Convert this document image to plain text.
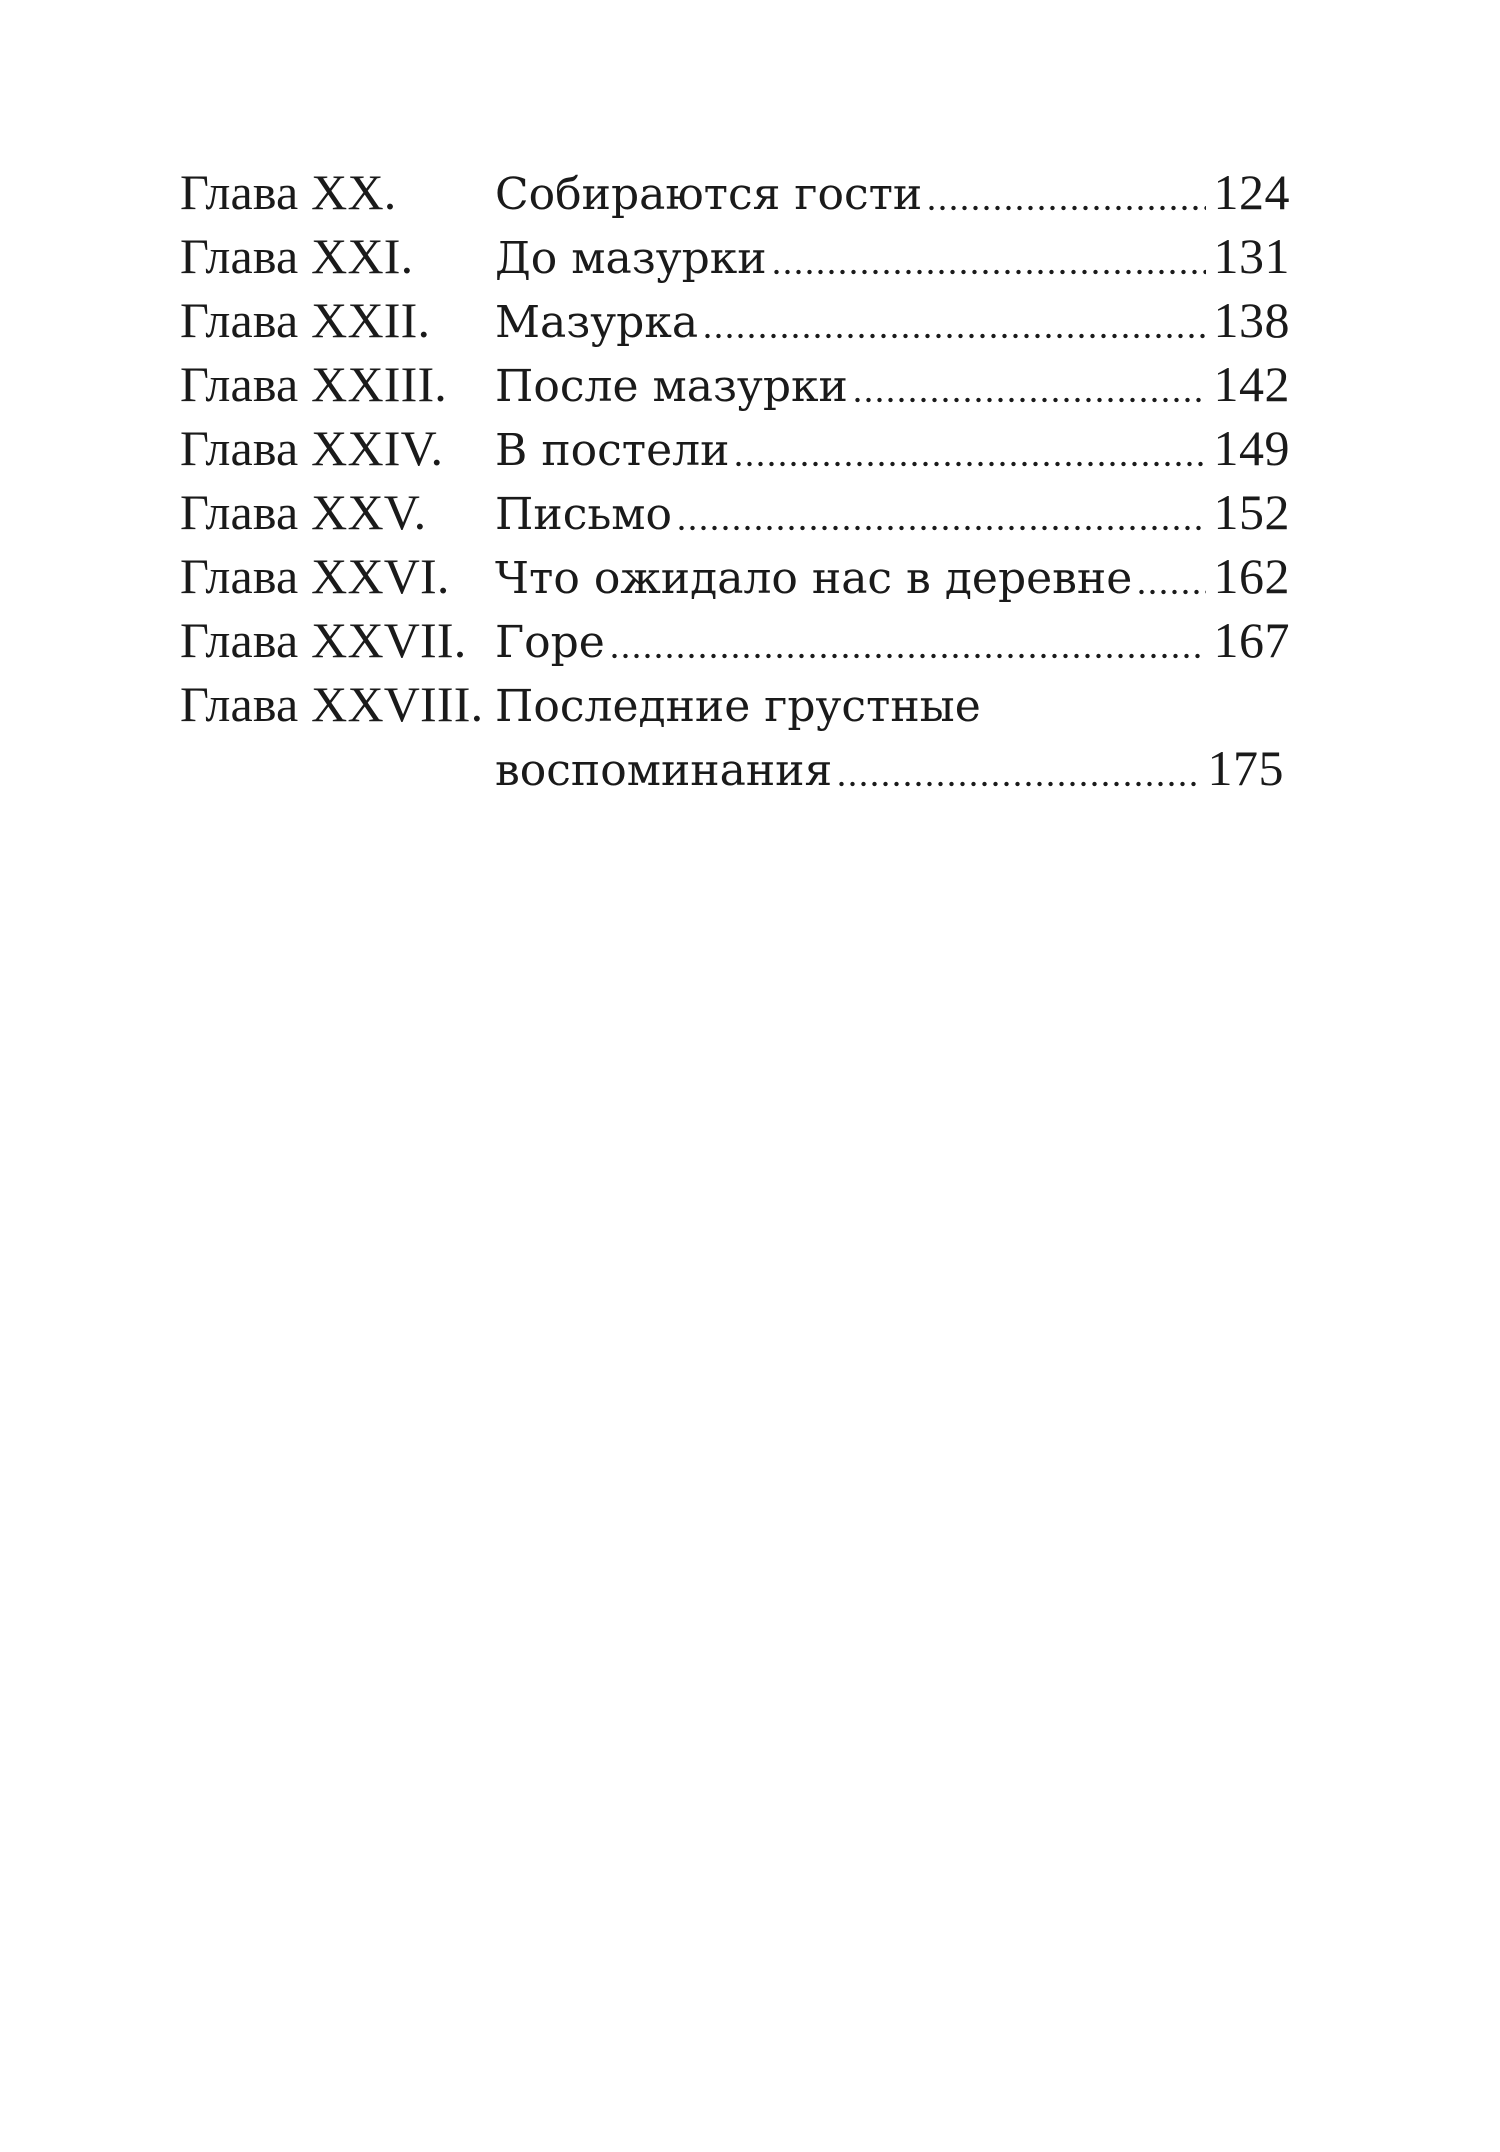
Глава XX.	Собираются гости	124
Глава XXI.	До мазурки	131
Глава XXII.	Мазурка	138
Глава XXIII.	После мазурки	142
Глава XXIV.	В постели	149
Глава XXV.	Письмо	152
Глава XXVI.	Что ожидало нас в деревне 162
Глава XXVII. Горе	167
Глава XXVIII. Последние грустные
воспоминания	175
